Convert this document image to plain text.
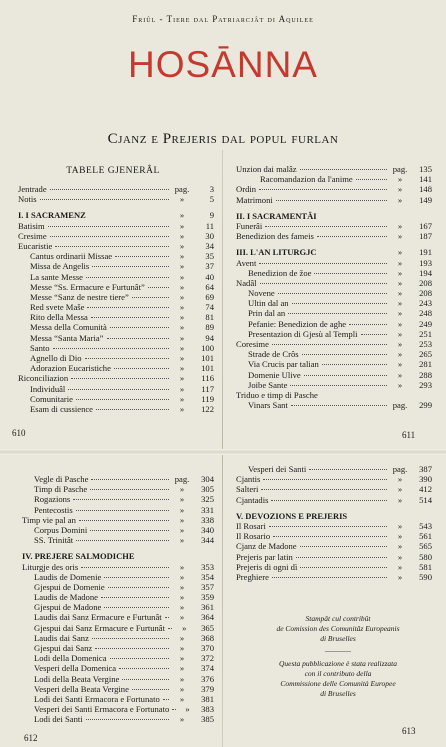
Friûl - Tiere dal Patriarcjât di Aquilee
HOSĀNNA
Cjanz e Prejeris dal popul furlan
TABELE GJENERÂL
Jentrade	pag.	3
Notis	»	5
I. I SACRAMENZ	»	9
Batisim	»	11
Cresime	»	30
Eucaristie	»	34
Cantus ordinarii Missae	»	35
Missa de Angelis	»	37
La sante Messe	»	40
Messe “Ss. Ermacure e Furtunât”	»	64
Messe “Sanz de nestre tiere”	»	69
Red svete Maše	»	74
Rito della Messa	»	81
Messa della Comunità	»	89
Messa “Santa Maria”	»	94
Santo	»	100
Agnello di Dio	»	101
Adorazion Eucaristiche	»	101
Riconciliazion	»	116
Individuâl	»	117
Comunitarie	»	119
Esam di cussience	»	122
Unzion dai malâz	pag.	135
Racomandazion da l'anime	»	141
Ordin	»	148
Matrimoni	»	149
II. I SACRAMENTÂI
Funerâi	»	167
Benedizion des fameis	»	187
III. L'AN LITURGJC	»	191
Avent	»	193
Benedizion de žoe	»	194
Nadâl	»	208
Novene	»	208
Ultin dal an	»	243
Prin dal an	»	248
Pefanie: Benedizion de aghe	»	249
Presentazion di Gjesù al Templi	»	251
Coresime	»	253
Strade de Crôs	»	265
Via Crucis par talian	»	281
Domenie Ulive	»	288
Joibe Sante	»	293
Triduo e timp di Pasche
Vinars Sant	pag.	299
Vegle di Pasche	pag.	304
Timp di Pasche	»	305
Rogazions	»	325
Pentecostis	»	331
Timp vie pal an	»	338
Corpus Domini	»	340
SS. Trinitât	»	344
IV. PREJERE SALMODICHE
Liturgje des oris	»	353
Laudis de Domenie	»	354
Gjespui de Domenie	»	357
Laudis de Madone	»	359
Gjespui de Madone	»	361
Laudis dai Sanz Ermacure e Furtunât	»	364
Gjespui dai Sanz Ermacure e Furtunât	»	365
Laudis dai Sanz	»	368
Gjespui dai Sanz	»	370
Lodi della Domenica	»	372
Vesperi della Domenica	»	374
Lodi della Beata Vergine	»	376
Vesperi della Beata Vergine	»	379
Lodi dei Santi Ermacora e Fortunato	»	381
Vesperi dei Santi Ermacora e Fortunato	»	383
Lodi dei Santi	»	385
Vesperi dei Santi	pag.	387
Cjantis	»	390
Salteri	»	412
Cjantadis	»	514
V. DEVOZIONS E PREJERIS
Il Rosari	»	543
Il Rosario	»	561
Cjanz de Madone	»	565
Prejeris par latin	»	580
Prejeris di ogni dì	»	581
Preghiere	»	590
610	611
612
613
Stampât cul contribût
de Comission des Comunitâz Europeanis
di Bruselles
Questa pubblicazione è stata realizzata
con il contributo della
Commissione delle Comunità Europee
di Bruselles
